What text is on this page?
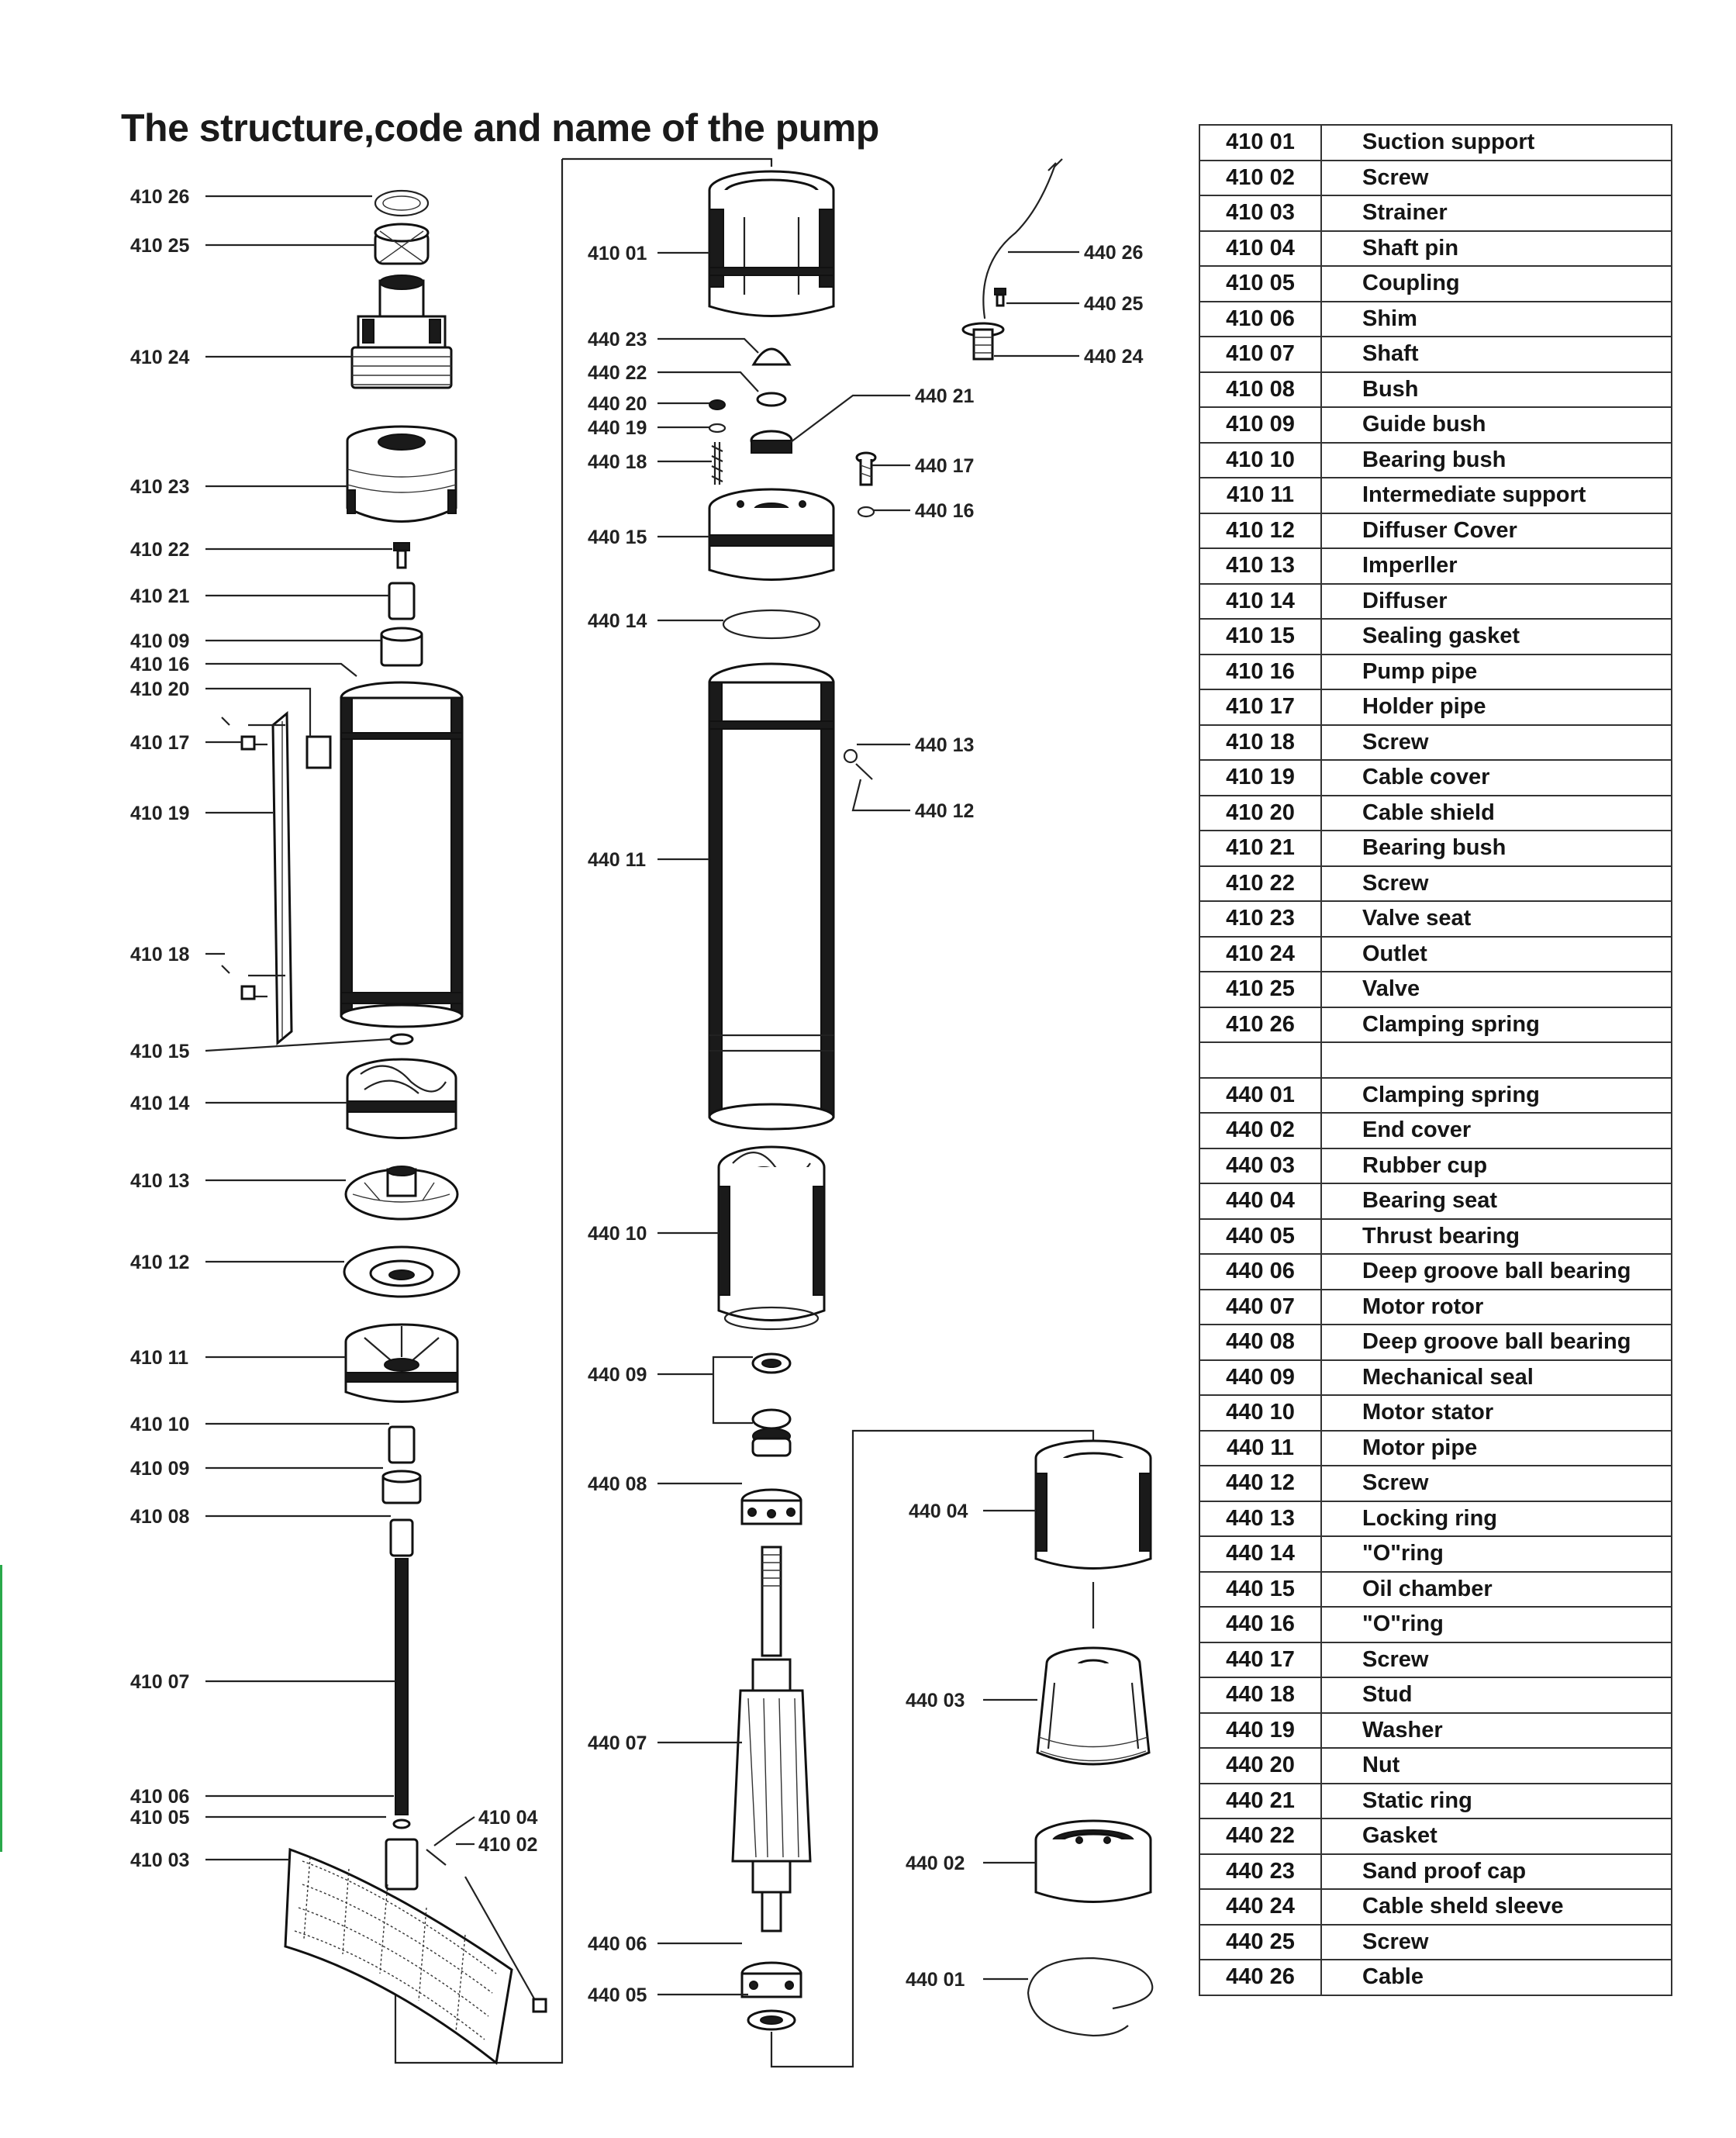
The structure,code and name of the pump
410 26
410 25
410 24
410 23
410 22
410 21
410 09
410 16
410 20
410 17
410 19
410 18
410 15
410 14
410 13
410 12
410 11
410 10
410 09
410 08
410 07
410 06
410 05
410 03
410 04
410 02
410 01
440 23
440 22
440 20
440 19
440 18
440 15
440 14
440 11
440 10
440 09
440 08
440 07
440 06
440 05
440 21
440 17
440 16
440 13
440 12
440 26
440 25
440 24
440 04
440 03
440 02
440 01
410 01	Suction support
410 02	Screw
410 03	Strainer
410 04	Shaft pin
410 05	Coupling
410 06	Shim
410 07	Shaft
410 08	Bush
410 09	Guide bush
410 10	Bearing bush
410 11	Intermediate support
410 12	Diffuser Cover
410 13	Imperller
410 14	Diffuser
410 15	Sealing gasket
410 16	Pump pipe
410 17	Holder pipe
410 18	Screw
410 19	Cable cover
410 20	Cable shield
410 21	Bearing bush
410 22	Screw
410 23	Valve seat
410 24	Outlet
410 25	Valve
410 26	Clamping spring

440 01	Clamping spring
440 02	End cover
440 03	Rubber cup
440 04	Bearing seat
440 05	Thrust bearing
440 06	Deep groove ball bearing
440 07	Motor rotor
440 08	Deep groove ball bearing
440 09	Mechanical seal
440 10	Motor stator
440 11	Motor pipe
440 12	Screw
440 13	Locking ring
440 14	"O"ring
440 15	Oil chamber
440 16	"O"ring
440 17	Screw
440 18	Stud
440 19	Washer
440 20	Nut
440 21	Static ring
440 22	Gasket
440 23	Sand proof cap
440 24	Cable sheld sleeve
440 25	Screw
440 26	Cable
